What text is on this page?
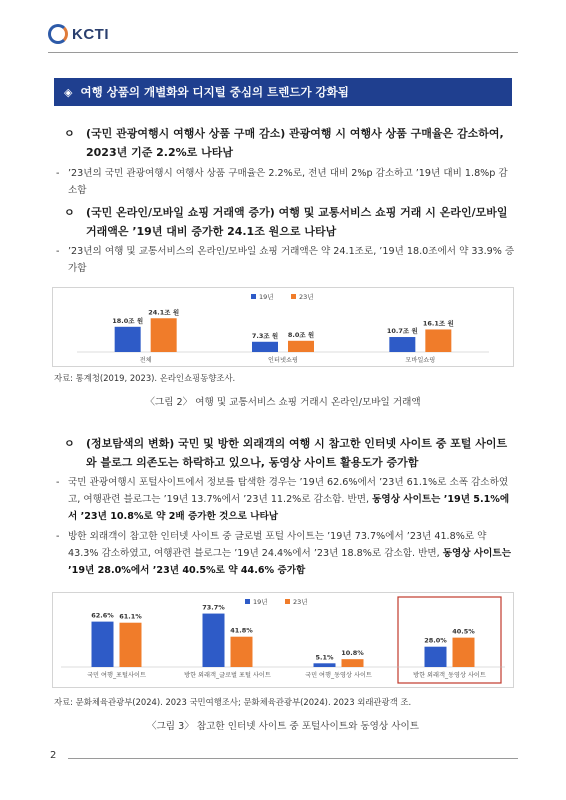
KCTI
◈ 여행 상품의 개별화와 디지털 중심의 트렌드가 강화됨
ㅇ	(국민 관광여행시 여행사 상품 구매 감소) 관광여행 시 여행사 상품 구매율은 감소하여, 2023년 기준 2.2%로 나타남
- ’23년의 국민 관광여행시 여행사 상품 구매율은 2.2%로, 전년 대비 2%p 감소하고 ’19년 대비 1.8%p 감소함
ㅇ	(국민 온라인/모바일 쇼핑 거래액 증가) 여행 및 교통서비스 쇼핑 거래 시 온라인/모바일 거래액은 ’19년 대비 증가한 24.1조 원으로 나타남
- ’23년의 여행 및 교통서비스의 온라인/모바일 쇼핑 거래액은 약 24.1조로, ’19년 18.0조에서 약 33.9% 증가함
19년	23년
18.0조 원
24.1조 원
전체
7.3조 원 8.0조 원
인터넷쇼핑
10.7조 원
16.1조 원
모바일쇼핑
자료: 통계청(2019, 2023). 온라인쇼핑동향조사.
〈그림 2〉 여행 및 교통서비스 쇼핑 거래시 온라인/모바일 거래액
ㅇ	(정보탐색의 변화) 국민 및 방한 외래객의 여행 시 참고한 인터넷 사이트 중 포털 사이트와 블로그 의존도는 하락하고 있으나, 동영상 사이트 활용도가 증가함
- 국민 관광여행시 포털사이트에서 정보를 탐색한 경우는 ’19년 62.6%에서 ’23년 61.1%로 소폭 감소하였고, 여행관련 블로그는 ’19년 13.7%에서 ’23년 11.2%로 감소함. 반면, 동영상 사이트는 ’19년 5.1%에서 ’23년 10.8%로 약 2배 증가한 것으로 나타남
- 방한 외래객이 참고한 인터넷 사이트 중 글로벌 포털 사이트는 ’19년 73.7%에서 ’23년 41.8%로 약 43.3% 감소하였고, 여행관련 블로그는 ’19년 24.4%에서 ’23년 18.8%로 감소함. 반면, 동영상 사이트는 ’19년 28.0%에서 ’23년 40.5%로 약 44.6% 증가함
19년	23년
62.6% 61.1%
국민 여행_포털사이트
73.7%
41.8%
방한 외래객_글로벌 포털 사이트
5.1%
10.8%
국민 여행_동영상 사이트
28.0%
40.5%
방한 외래객_동영상 사이트
자료: 문화체육관광부(2024). 2023 국민여행조사; 문화체육관광부(2024). 2023 외래관광객 조.
〈그림 3〉 참고한 인터넷 사이트 중 포털사이트와 동영상 사이트
2
